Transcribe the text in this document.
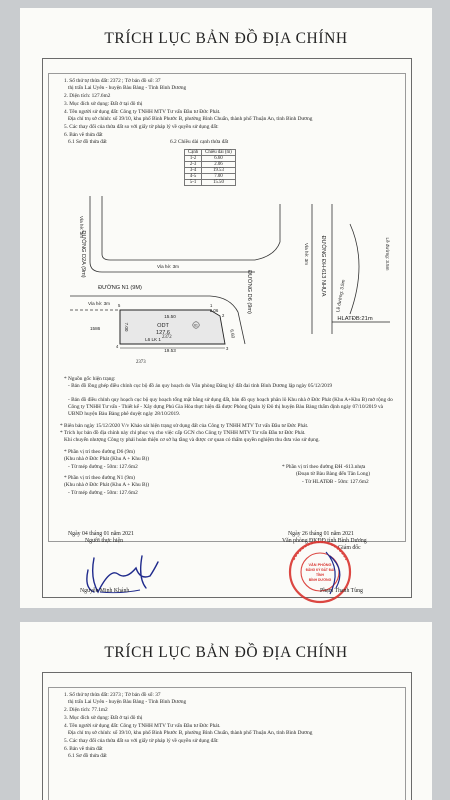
TRÍCH LỤC BẢN ĐỒ ĐỊA CHÍNH
1. Số thứ tự thửa đất: 2372 ; Tờ bản đồ số: 37
thị trấn Lai Uyên - huyện Bàu Bàng - Tỉnh Bình Dương
2. Diện tích: 127.6m2
3. Mục đích sử dụng: Đất ở tại đô thị
4. Tên người sử dụng đất: Công ty TNHH MTV Tư vấn Đầu tư Đức Phát.
Địa chỉ trụ sở chính: số 39/10, khu phố Bình Phước B, phường Bình Chuẩn, thành phố Thuận An, tỉnh Bình Dương
5. Các thay đổi của thửa đất so với giấy tờ pháp lý về quyền sử dụng đất:
6. Bản vẽ thửa đất
6.1 Sơ đồ thửa đất	6.2 Chiều dài cạnh thửa đất
Cạnh	Chiều dài (m)
1-2	6.60
2-3	2.06
3-4	19.53
4-5	7.00
5-1	15.50
ĐƯỜNG D2A (9m)
Vỉa hè: 3m
Vỉa hè: 3m
ĐƯỜNG N1 (9M)
Vỉa hè: 3m	ĐƯỜNG D6 (9m)	ĐƯỜNG ĐH-613 NHỰA
Vỉa hè: 3m
Lề đường: 3.5m
Lề đường: 3.5m
15.50
ODT
127.6
L6 LK 1
19.53
7.00
6.60
2.06
1586
5
4	3
2
1
HLATĐB:21m
61
2373
2372
* Nguồn gốc hiện trạng:
- Bản đồ lồng ghép điều chỉnh cục bộ đồ án quy hoạch do Văn phòng Đăng ký đất đai tỉnh Bình Dương lập ngày 05/12/2019
- Bản đồ điều chỉnh quy hoạch cục bộ quy hoạch tổng mặt bằng sử dụng đất, bản đồ quy hoạch phân lô Khu nhà ở Đức Phát (Khu A+Khu B) mở rộng do Công ty TNHH Tư vấn - Thiết kế - Xây dựng Phú Gia Hòa thực hiện đã được Phòng Quản lý Đô thị huyện Bàu Bàng thẩm định ngày 07/10/2019 và UBND huyện Bàu Bàng phê duyệt ngày 28/10/2019.
* Biên bản ngày 15/12/2020 V/v Khảo sát hiện trạng sử dụng đất của Công ty TNHH MTV Tư vấn Đầu tư Đức Phát.
* Trích lục bản đồ địa chính này chỉ phục vụ cho việc cấp GCN cho Công ty TNHH MTV Tư vấn Đầu tư Đức Phát.
Khi chuyển nhượng Công ty phải hoàn thiện cơ sở hạ tầng và được cơ quan có thẩm quyền nghiệm thu đưa vào sử dụng.
* Phần vị trí theo đường D6 (9m)
(Khu nhà ở Đức Phát (Khu A + Khu B))
- Từ mép đường - 50m: 127.6m2
* Phần vị trí theo đường N1 (9m)
(Khu nhà ở Đức Phát (Khu A + Khu B))
- Từ mép đường - 50m: 127.6m2
* Phần vị trí theo đường ĐH -613.nhựa
(Đoạn từ Bàu Bàng đến Tân Long)
- Từ HLATĐB - 50m: 127.6m2
Ngày 04 tháng 01 năm 2021
Người thực hiện
Nguyễn Minh Khánh
Ngày 26 tháng 01 năm 2021
Văn phòng ĐKĐĐ tỉnh Bình Dương
Giám đốc
VĂN PHÒNG
ĐĂNG KÝ ĐẤT ĐAI
TỈNH
BÌNH DƯƠNG
Phạm Thanh Tùng
TRÍCH LỤC BẢN ĐỒ ĐỊA CHÍNH
1. Số thứ tự thửa đất: 2373 ; Tờ bản đồ số: 37
thị trấn Lai Uyên - huyện Bàu Bàng - Tỉnh Bình Dương
2. Diện tích: 77.1m2
3. Mục đích sử dụng: Đất ở tại đô thị
4. Tên người sử dụng đất: Công ty TNHH MTV Tư vấn Đầu tư Đức Phát.
Địa chỉ trụ sở chính: số 39/10, khu phố Bình Phước B, phường Bình Chuẩn, thành phố Thuận An, tỉnh Bình Dương
5. Các thay đổi của thửa đất so với giấy tờ pháp lý về quyền sử dụng đất:
6. Bản vẽ thửa đất
6.1 Sơ đồ thửa đất
